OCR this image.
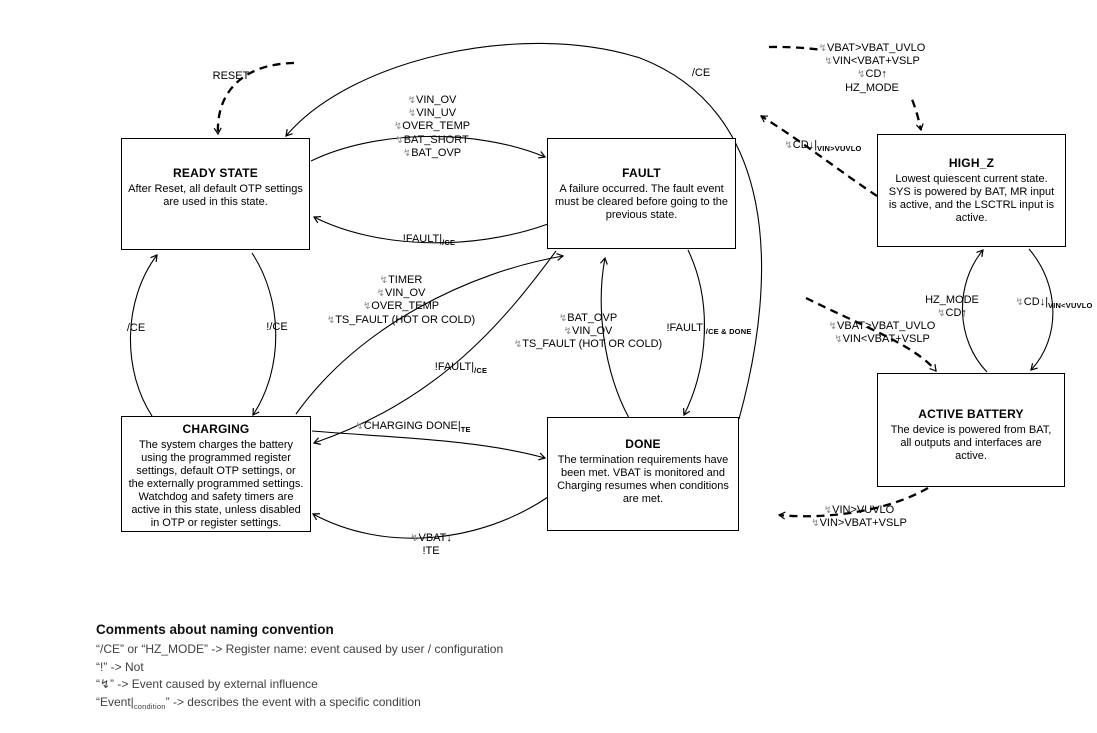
READY STATE
After Reset, all default OTP settings are used in this state.
FAULT
A failure occurred. The fault event must be cleared before going to the previous state.
HIGH_Z
Lowest quiescent current state. SYS is powered by BAT, MR input is active, and the LSCTRL input is active.
CHARGING
The system charges the battery using the programmed register settings, default OTP settings, or the externally programmed settings. Watchdog and safety timers are active in this state, unless disabled in OTP or register settings.
DONE
The termination requirements have been met. VBAT is monitored and Charging resumes when conditions are met.
ACTIVE BATTERY
The device is powered from BAT, all outputs and interfaces are active.
RESET
↯VIN_OV
↯VIN_UV
↯OVER_TEMP
↯BAT_SHORT
↯BAT_OVP
$!FAULT|_{/CE}$
/CE
/CE	!/CE
↯TIMER
↯VIN_OV
↯OVER_TEMP
↯TS_FAULT (HOT OR COLD)
$!FAULT|_{/CE}$
↯BAT_OVP
↯VIN_OV
↯TS_FAULT (HOT OR COLD)
$!FAULT|_{/CE \& DONE}$
↯CHARGING $DONE|_{TE}$
↯VBAT↓
!TE
↯VBAT>VBAT_UVLO
↯VIN<VBAT+VSLP
↯CD↑
HZ_MODE
$↯CD↓|_{VIN>VUVLO}$
HZ_MODE
↯CD↑
$↯CD↓|_{VIN<VUVLO}$
↯VBAT>VBAT_UVLO
↯VIN<VBAT+VSLP
↯VIN>VUVLO
↯VIN>VBAT+VSLP
Comments about naming convention
“/CE” or “HZ_MODE” -> Register name: event caused by user / configuration
“!” -> Not
“↯” -> Event caused by external influence
“$Event|_{condition}$” -> describes the event with a specific condition
